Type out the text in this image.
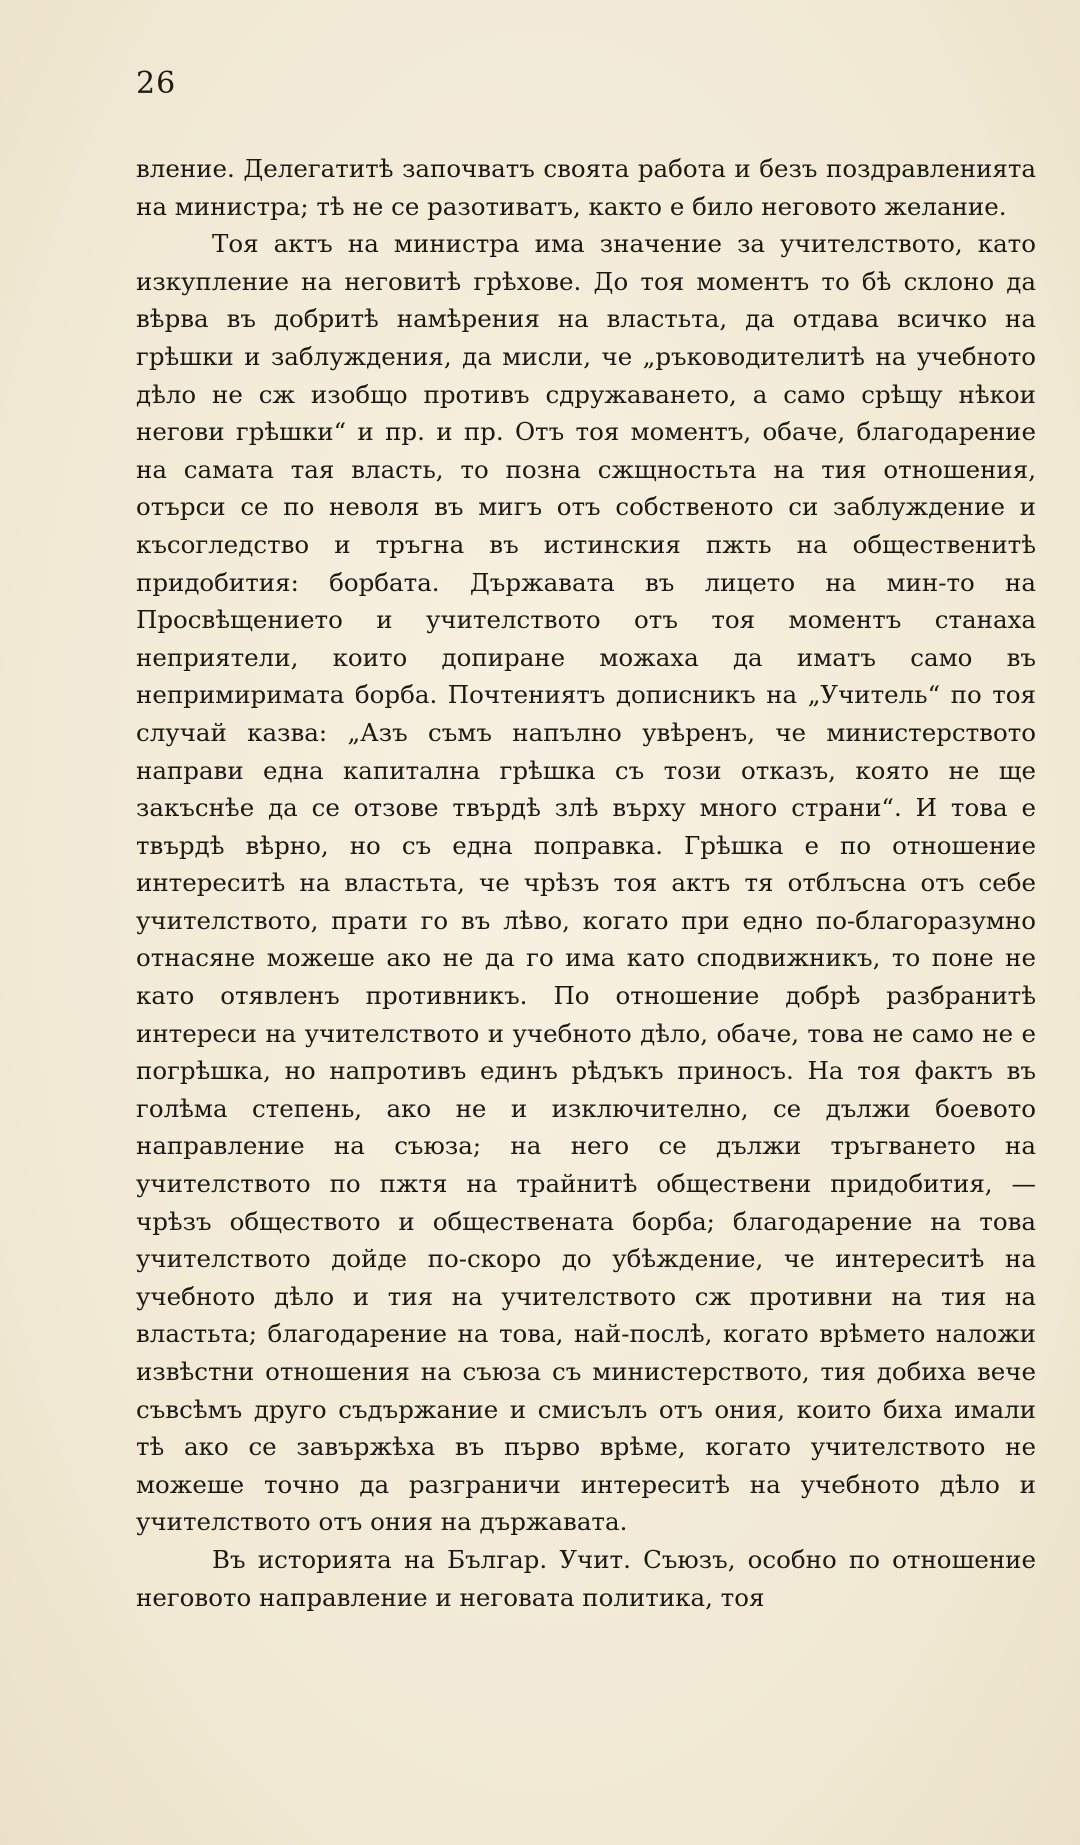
26

вление. Делегатитѣ започватъ своята работа и безъ поздравленията на министра; тѣ не се разотиватъ, както е било неговото желание.

Тоя актъ на министра има значение за учителството, като изкупление на неговитѣ грѣхове. До тоя моментъ то бѣ склоно да вѣрва въ добритѣ намѣрения на властьта, да отдава всичко на грѣшки и заблуждения, да мисли, че „ръководителитѣ на учебното дѣло не сж изобщо противъ сдружаването, а само срѣщу нѣкои негови грѣшки“ и пр. и пр. Отъ тоя моментъ, обаче, благодарение на самата тая власть, то позна сжщностьта на тия отношения, отърси се по неволя въ мигъ отъ собственото си заблуждение и късогледство и тръгна въ истинския пжть на общественитѣ придобития: борбата. Държавата въ лицето на мин-то на Просвѣщението и учителството отъ тоя моментъ станаха неприятели, които допиране можаха да иматъ само въ непримиримата борба. Почтениятъ дописникъ на „Учитель“ по тоя случай казва: „Азъ съмъ напълно увѣренъ, че министерството направи една капитална грѣшка съ този отказъ, която не ще закъснѣе да се отзове твърдѣ злѣ върху много страни“. И това е твърдѣ вѣрно, но съ една поправка. Грѣшка е по отношение интереситѣ на властьта, че чрѣзъ тоя актъ тя отблъсна отъ себе учителството, прати го въ лѣво, когато при едно по-благоразумно отнасяне можеше ако не да го има като сподвижникъ, то поне не като отявленъ противникъ. По отношение добрѣ разбранитѣ интереси на учителството и учебното дѣло, обаче, това не само не е погрѣшка, но напротивъ единъ рѣдъкъ приносъ. На тоя фактъ въ голѣма степень, ако не и изключително, се дължи боевото направление на съюза; на него се дължи тръгването на учителството по пжтя на трайнитѣ обществени придобития, — чрѣзъ обществото и обществената борба; благодарение на това учителството дойде по-скоро до убѣждение, че интереситѣ на учебното дѣло и тия на учителството сж противни на тия на властьта; благодарение на това, най-послѣ, когато врѣмето наложи извѣстни отношения на съюза съ министерството, тия добиха вече съвсѣмъ друго съдържание и смисълъ отъ ония, които биха имали тѣ ако се завържѣха въ първо врѣме, когато учителството не можеше точно да разграничи интереситѣ на учебното дѣло и учителството отъ ония на държавата.

Въ историята на Българ. Учит. Съюзъ, особно по отношение неговото направление и неговата политика, тоя
